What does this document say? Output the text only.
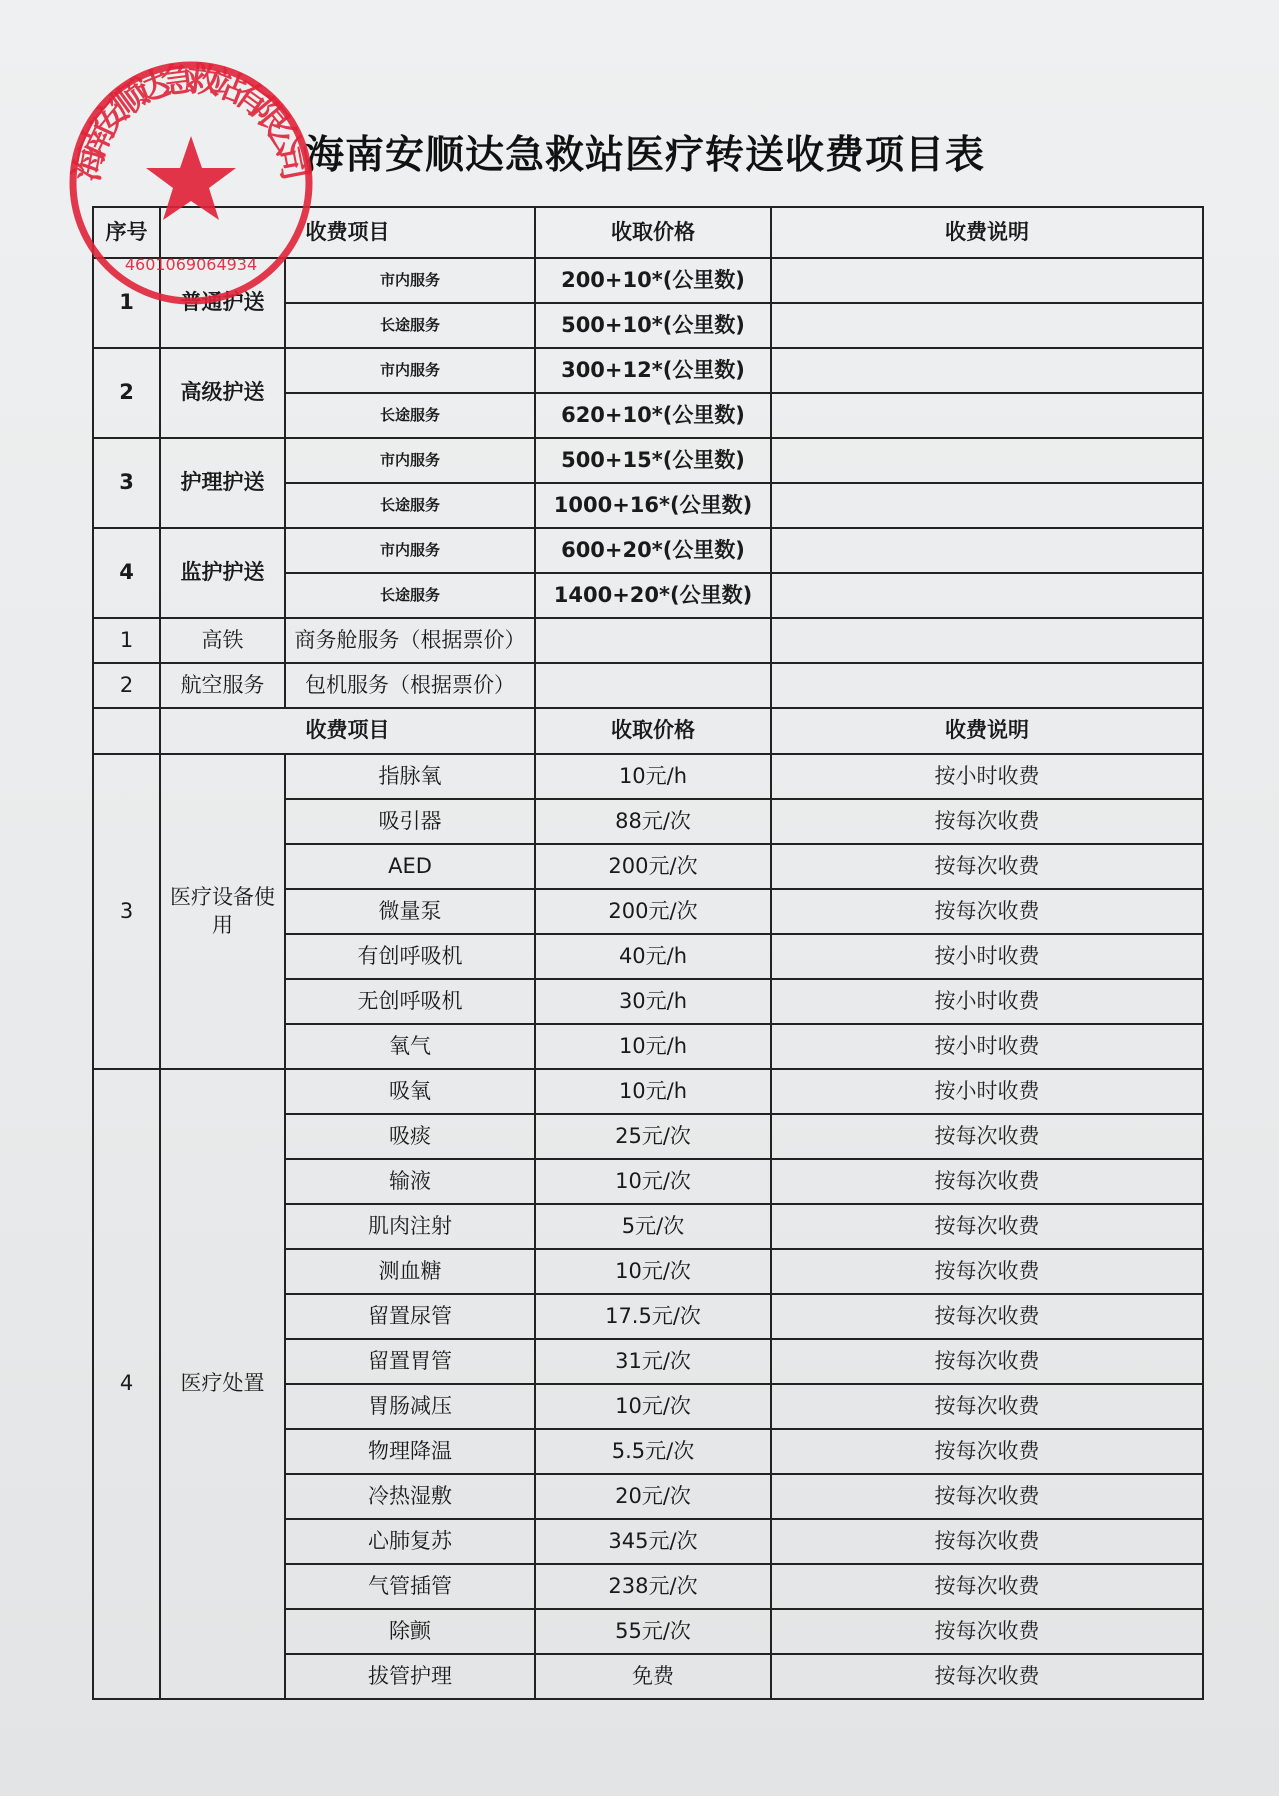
海南安顺达急救站医疗转送收费项目表
序号	收费项目		收取价格	收费说明
1	普通护送	市内服务	200+10*(公里数)	
		长途服务	500+10*(公里数)	
2	高级护送	市内服务	300+12*(公里数)	
		长途服务	620+10*(公里数)	
3	护理护送	市内服务	500+15*(公里数)	
		长途服务	1000+16*(公里数)	
4	监护护送	市内服务	600+20*(公里数)	
		长途服务	1400+20*(公里数)	
1	高铁	商务舱服务（根据票价）		
2	航空服务	包机服务（根据票价）		
	收费项目		收取价格	收费说明
3	医疗设备使用	指脉氧	10元/h	按小时收费
		吸引器	88元/次	按每次收费
		AED	200元/次	按每次收费
		微量泵	200元/次	按每次收费
		有创呼吸机	40元/h	按小时收费
		无创呼吸机	30元/h	按小时收费
		氧气	10元/h	按小时收费
4	医疗处置	吸氧	10元/h	按小时收费
		吸痰	25元/次	按每次收费
		输液	10元/次	按每次收费
		肌肉注射	5元/次	按每次收费
		测血糖	10元/次	按每次收费
		留置尿管	17.5元/次	按每次收费
		留置胃管	31元/次	按每次收费
		胃肠减压	10元/次	按每次收费
		物理降温	5.5元/次	按每次收费
		冷热湿敷	20元/次	按每次收费
		心肺复苏	345元/次	按每次收费
		气管插管	238元/次	按每次收费
		除颤	55元/次	按每次收费
		拔管护理	免费	按每次收费
海南安顺达急救站有限公司
4601069064934
